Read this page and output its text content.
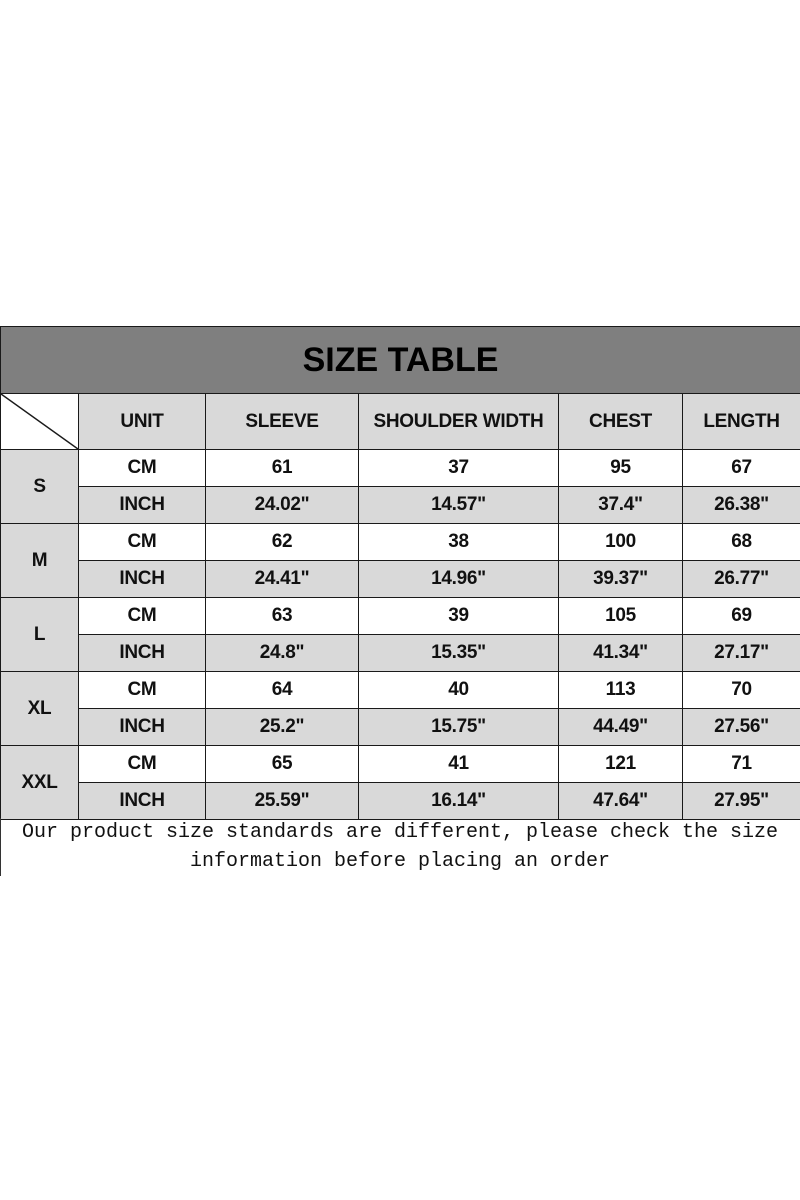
SIZE TABLE					

	UNIT	SLEEVE	SHOULDER WIDTH	CHEST	LENGTH
S	CM	61	37	95	67
	INCH	24.02"	14.57"	37.4"	26.38"
M	CM	62	38	100	68
	INCH	24.41"	14.96"	39.37"	26.77"
L	CM	63	39	105	69
	INCH	24.8"	15.35"	41.34"	27.17"
XL	CM	64	40	113	70
	INCH	25.2"	15.75"	44.49"	27.56"
XXL	CM	65	41	121	71
	INCH	25.59"	16.14"	47.64"	27.95"
Our product size standards are different, please check the size
information before placing an order
